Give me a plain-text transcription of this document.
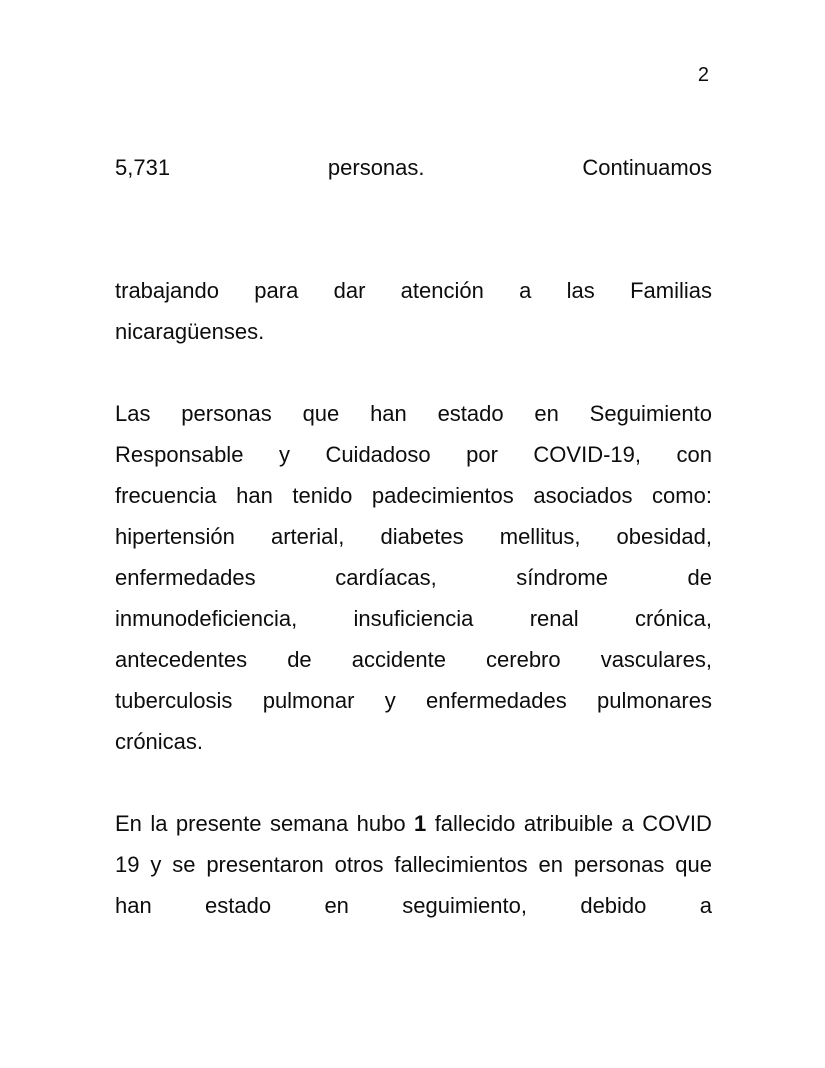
2
5,731	personas.	Continuamos
trabajando para dar atención a las Familias
nicaragüenses.
Las personas que han estado en Seguimiento
Responsable y Cuidadoso por COVID-19, con
frecuencia han tenido padecimientos asociados como:
hipertensión arterial, diabetes mellitus, obesidad,
enfermedades	cardíacas,	síndrome	de
inmunodeficiencia,	insuficiencia	renal	crónica,
antecedentes de accidente cerebro vasculares,
tuberculosis pulmonar y enfermedades pulmonares
crónicas.
En la presente semana hubo 1 fallecido atribuible a COVID
19 y se presentaron otros fallecimientos en personas que
han estado en seguimiento, debido a
